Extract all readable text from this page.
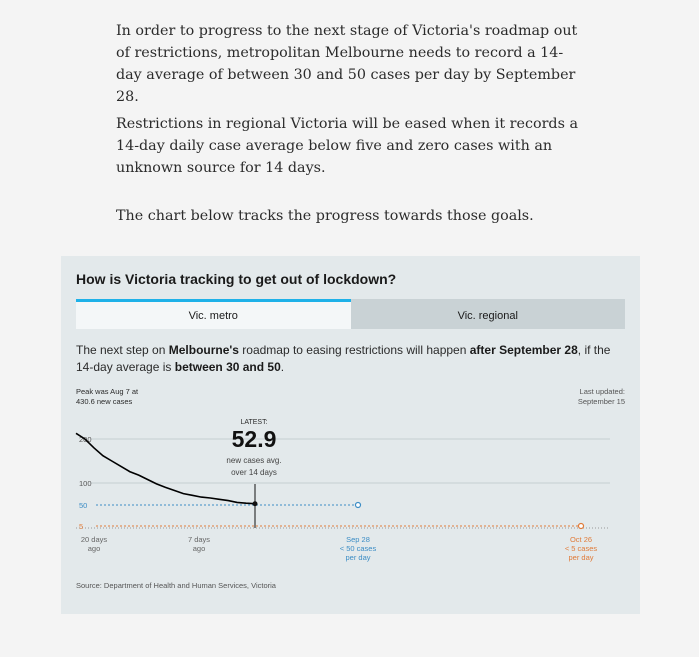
In order to progress to the next stage of Victoria's roadmap out of restrictions, metropolitan Melbourne needs to record a 14-day average of between 30 and 50 cases per day by September 28.

Restrictions in regional Victoria will be eased when it records a 14-day daily case average below five and zero cases with an unknown source for 14 days.

The chart below tracks the progress towards those goals.

How is Victoria tracking to get out of lockdown?
Vic. metro	Vic. regional

The next step on Melbourne's roadmap to easing restrictions will happen after September 28, if the 14-day average is between 30 and 50.

Peak was Aug 7 at
430.6 new cases
Last updated:
September 15
200
100
50
5
20 days
ago
7 days
ago
Sep 28
< 50 cases
per day
Oct 26
< 5 cases
per day
LATEST:
52.9
new cases avg.
over 14 days
Source: Department of Health and Human Services, Victoria
